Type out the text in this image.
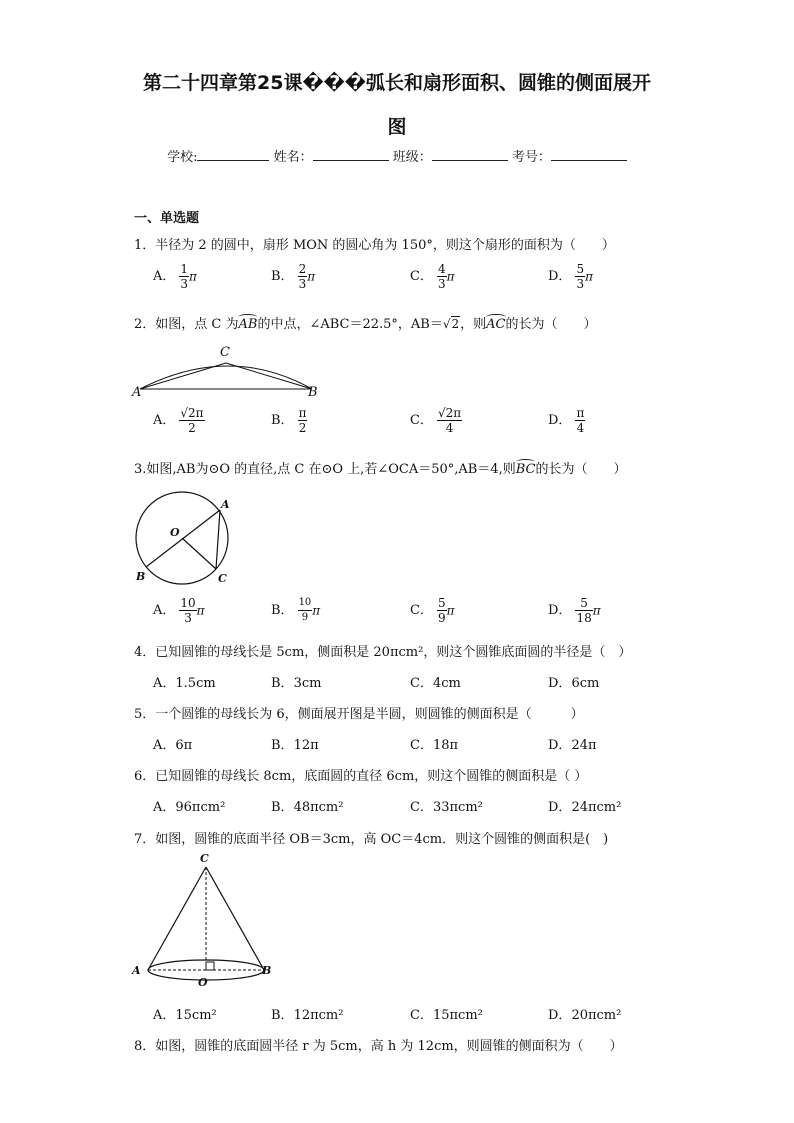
第二十四章第25课���弧长和扇形面积、圆锥的侧面展开
图
学校:	姓名：	班级：	考号：
一、单选题
1．半径为 2 的圆中，扇形 MON 的圆心角为 150°，则这个扇形的面积为（　　）
A． $\frac{1}{3}$ π	B． $\frac{2}{3}$ π	C． $\frac{4}{3}$ π	D． $\frac{5}{3}$ π
2．如图，点 C 为AB的中点，∠ABC＝22.5°，AB＝√2，则AC的长为（　　）
A
C
B
A． $\frac{√2\pi}{2}$	B． $\frac{\pi}{2}$	C． $\frac{√2\pi}{4}$	D． $\frac{\pi}{4}$
3.如图,AB为⊙O 的直径,点 C 在⊙O 上,若∠OCA＝50°,AB＝4,则BC的长为（　　）
A
O
B	C
A． $\frac{10}{3}$ π	B． $\frac{10}{9}$ π	C． $\frac{5}{9}$ π	D． $\frac{5}{18}$ π
4．已知圆锥的母线长是 5cm，侧面积是 20πcm²，则这个圆锥底面圆的半径是（　）
A．1.5cm	B．3cm	C．4cm	D．6cm
5．一个圆锥的母线长为 6，侧面展开图是半圆，则圆锥的侧面积是（　　　）
A．6π	B．12π	C．18π	D．24π
6．已知圆锥的母线长 8cm，底面圆的直径 6cm，则这个圆锥的侧面积是（ ）
A．96πcm²	B．48πcm²	C．33πcm²	D．24πcm²
7．如图，圆锥的底面半径 OB＝3cm，高 OC＝4cm．则这个圆锥的侧面积是(　)
C
A	B
O
A．15cm²	B．12πcm²	C．15πcm²	D．20πcm²
8．如图，圆锥的底面圆半径 r 为 5cm，高 h 为 12cm，则圆锥的侧面积为（　　）
